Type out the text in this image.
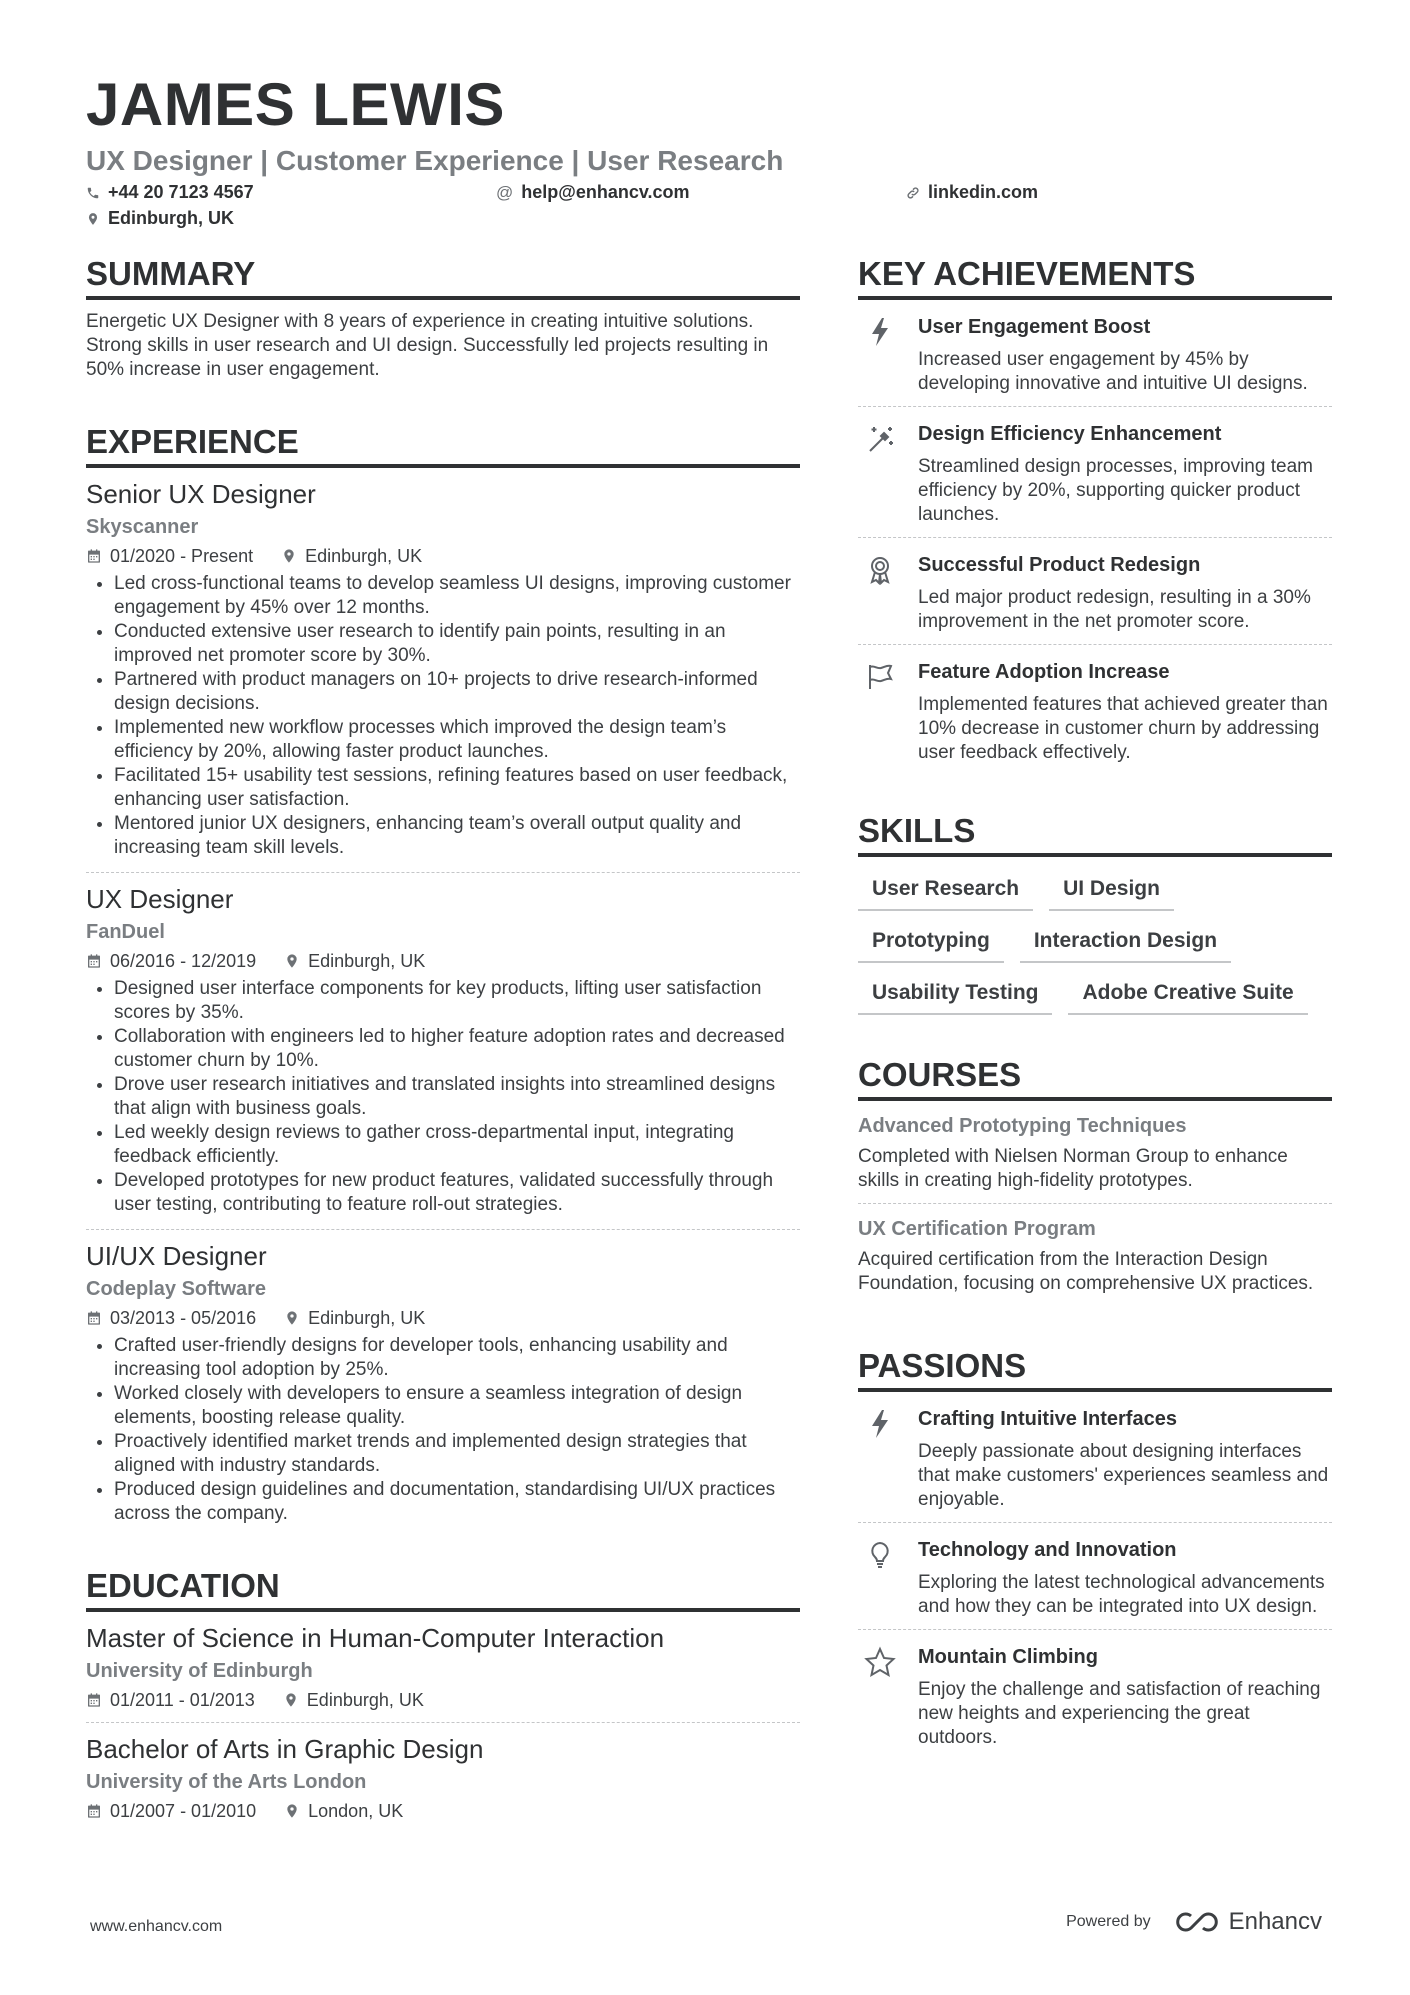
JAMES LEWIS
UX Designer | Customer Experience | User Research
+44 20 7123 4567	@ help@enhancv.com	linkedin.com
Edinburgh, UK
SUMMARY
Energetic UX Designer with 8 years of experience in creating intuitive solutions. Strong skills in user research and UI design. Successfully led projects resulting in 50% increase in user engagement.
EXPERIENCE
Senior UX Designer
Skyscanner
01/2020 - Present	Edinburgh, UK
• Led cross-functional teams to develop seamless UI designs, improving customer engagement by 45% over 12 months.
• Conducted extensive user research to identify pain points, resulting in an improved net promoter score by 30%.
• Partnered with product managers on 10+ projects to drive research-informed design decisions.
• Implemented new workflow processes which improved the design team’s efficiency by 20%, allowing faster product launches.
• Facilitated 15+ usability test sessions, refining features based on user feedback, enhancing user satisfaction.
• Mentored junior UX designers, enhancing team’s overall output quality and increasing team skill levels.
UX Designer
FanDuel
06/2016 - 12/2019	Edinburgh, UK
• Designed user interface components for key products, lifting user satisfaction scores by 35%.
• Collaboration with engineers led to higher feature adoption rates and decreased customer churn by 10%.
• Drove user research initiatives and translated insights into streamlined designs that align with business goals.
• Led weekly design reviews to gather cross-departmental input, integrating feedback efficiently.
• Developed prototypes for new product features, validated successfully through user testing, contributing to feature roll-out strategies.
UI/UX Designer
Codeplay Software
03/2013 - 05/2016	Edinburgh, UK
• Crafted user-friendly designs for developer tools, enhancing usability and increasing tool adoption by 25%.
• Worked closely with developers to ensure a seamless integration of design elements, boosting release quality.
• Proactively identified market trends and implemented design strategies that aligned with industry standards.
• Produced design guidelines and documentation, standardising UI/UX practices across the company.
EDUCATION
Master of Science in Human-Computer Interaction
University of Edinburgh
01/2011 - 01/2013	Edinburgh, UK
Bachelor of Arts in Graphic Design
University of the Arts London
01/2007 - 01/2010	London, UK
KEY ACHIEVEMENTS
User Engagement Boost
Increased user engagement by 45% by developing innovative and intuitive UI designs.
Design Efficiency Enhancement
Streamlined design processes, improving team efficiency by 20%, supporting quicker product launches.
Successful Product Redesign
Led major product redesign, resulting in a 30% improvement in the net promoter score.
Feature Adoption Increase
Implemented features that achieved greater than 10% decrease in customer churn by addressing user feedback effectively.
SKILLS
User Research	UI Design
Prototyping	Interaction Design
Usability Testing	Adobe Creative Suite
COURSES
Advanced Prototyping Techniques
Completed with Nielsen Norman Group to enhance skills in creating high-fidelity prototypes.
UX Certification Program
Acquired certification from the Interaction Design Foundation, focusing on comprehensive UX practices.
PASSIONS
Crafting Intuitive Interfaces
Deeply passionate about designing interfaces that make customers' experiences seamless and enjoyable.
Technology and Innovation
Exploring the latest technological advancements and how they can be integrated into UX design.
Mountain Climbing
Enjoy the challenge and satisfaction of reaching new heights and experiencing the great outdoors.
www.enhancv.com	Powered by	Enhancv
